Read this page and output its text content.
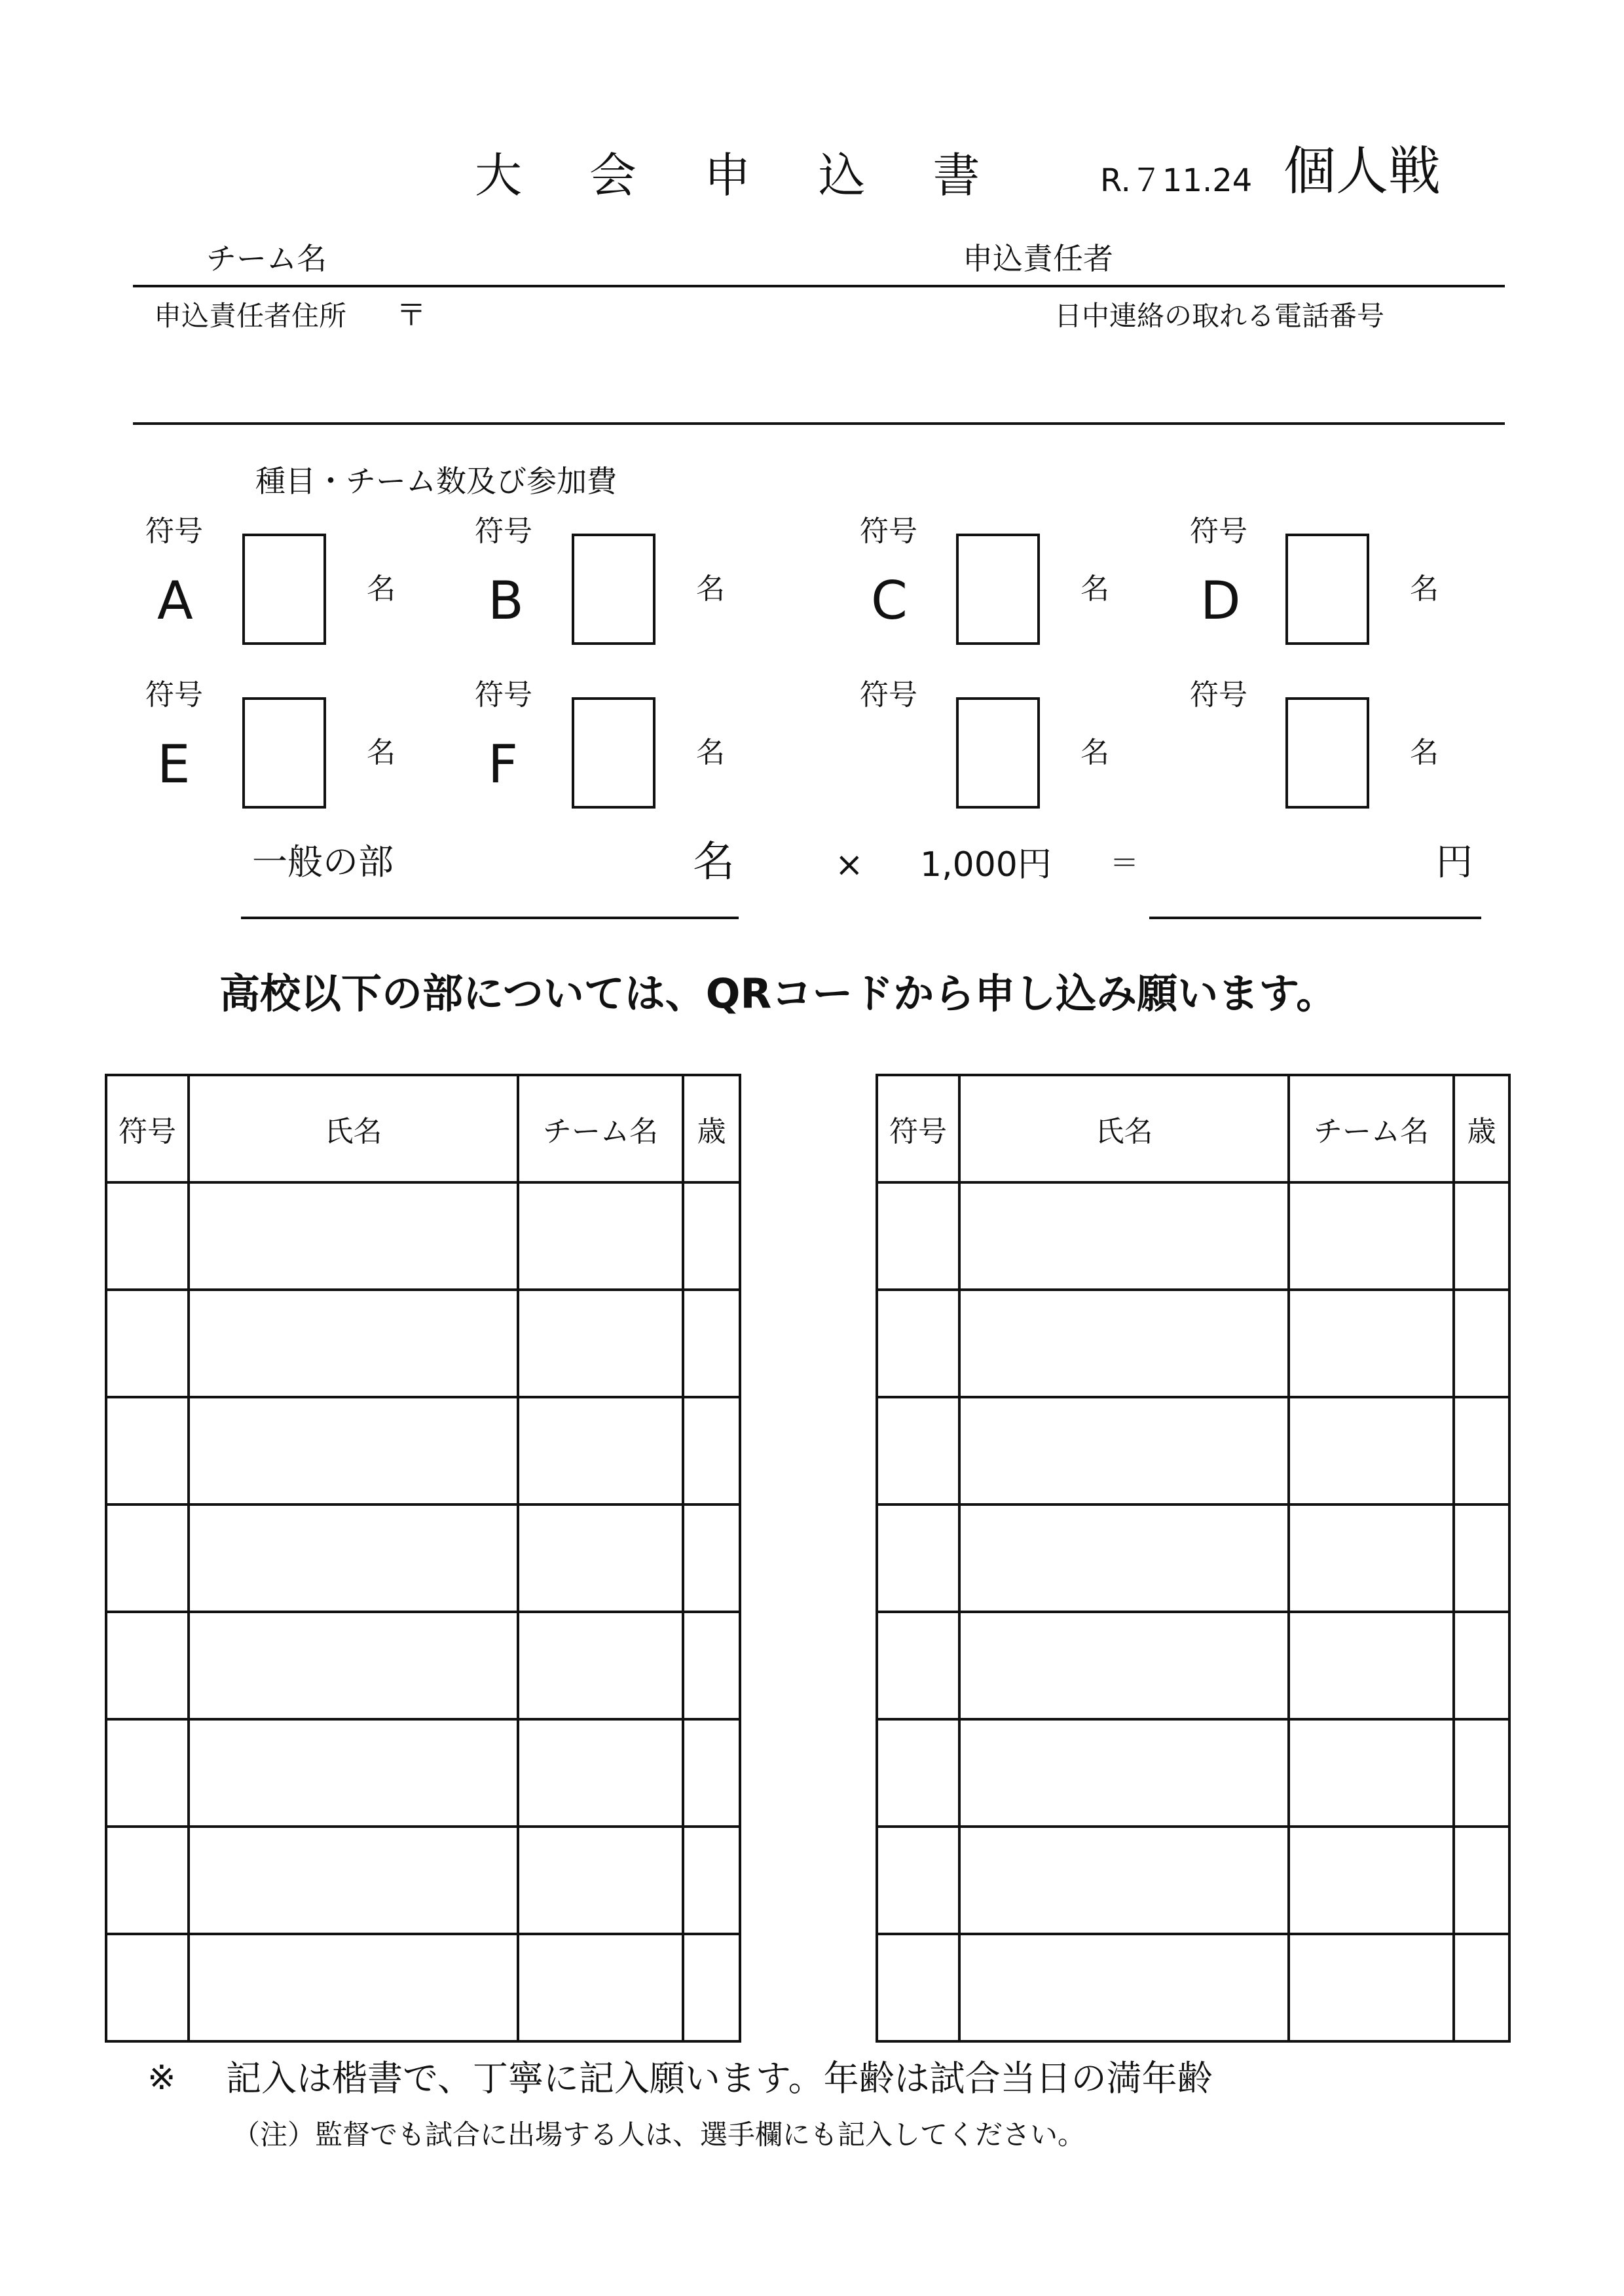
大 会 申 込 書	R.７11.24 個人戦
チーム名	申込責任者
申込責任者住所 〒	日中連絡の取れる電話番号
種目・チーム数及び参加費
符号
A	名
符号
B	名
符号
C	名
符号
D	名
符号
E	名
符号
F	名
符号
名
符号
名
一般の部	名	× 1,000円 ＝	円
高校以下の部については、QRコードから申し込み願います。
符号	氏名	チーム名	歳

				符号	氏名	チーム名	歳

※ 記入は楷書で、丁寧に記入願います。年齢は試合当日の満年齢
（注）監督でも試合に出場する人は、選手欄にも記入してください。
